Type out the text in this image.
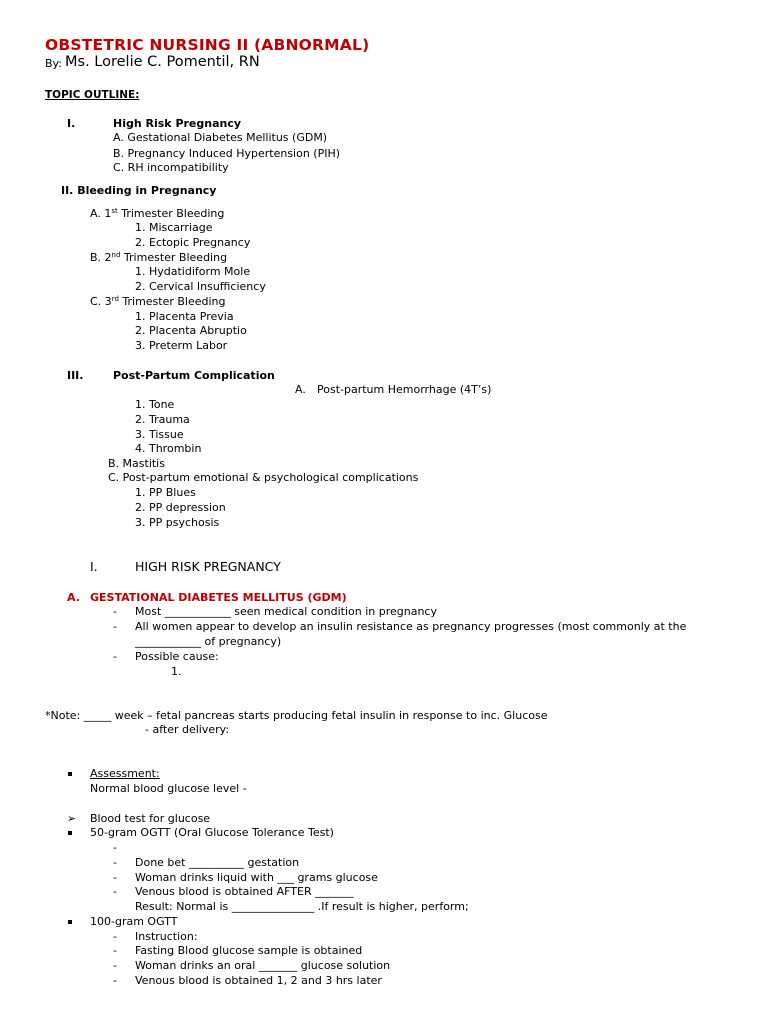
OBSTETRIC NURSING II (ABNORMAL)
By: Ms. Lorelie C. Pomentil, RN
TOPIC OUTLINE:
I.	High Risk Pregnancy
A. Gestational Diabetes Mellitus (GDM)
B. Pregnancy Induced Hypertension (PIH)
C. RH incompatibility
II. Bleeding in Pregnancy
A. 1st Trimester Bleeding
1. Miscarriage
2. Ectopic Pregnancy
B. 2nd Trimester Bleeding
1. Hydatidiform Mole
2. Cervical Insufficiency
C. 3rd Trimester Bleeding
1. Placenta Previa
2. Placenta Abruptio
3. Preterm Labor
III.	Post-Partum Complication
A. Post-partum Hemorrhage (4T’s)
1. Tone
2. Trauma
3. Tissue
4. Thrombin
B. Mastitis
C. Post-partum emotional & psychological complications
1. PP Blues
2. PP depression
3. PP psychosis
I.	HIGH RISK PREGNANCY
A. GESTATIONAL DIABETES MELLITUS (GDM)
- Most ____________ seen medical condition in pregnancy
- All women appear to develop an insulin resistance as pregnancy progresses (most commonly at the
____________ of pregnancy)
- Possible cause:
1.
*Note: _____ week – fetal pancreas starts producing fetal insulin in response to inc. Glucose
- after delivery:
Assessment:
Normal blood glucose level -
➢ Blood test for glucose
50-gram OGTT (Oral Glucose Tolerance Test)
-
- Done bet __________ gestation
- Woman drinks liquid with ___ grams glucose
- Venous blood is obtained AFTER _______
Result: Normal is _______________ .If result is higher, perform;
100-gram OGTT
- Instruction:
- Fasting Blood glucose sample is obtained
- Woman drinks an oral _______ glucose solution
- Venous blood is obtained 1, 2 and 3 hrs later
